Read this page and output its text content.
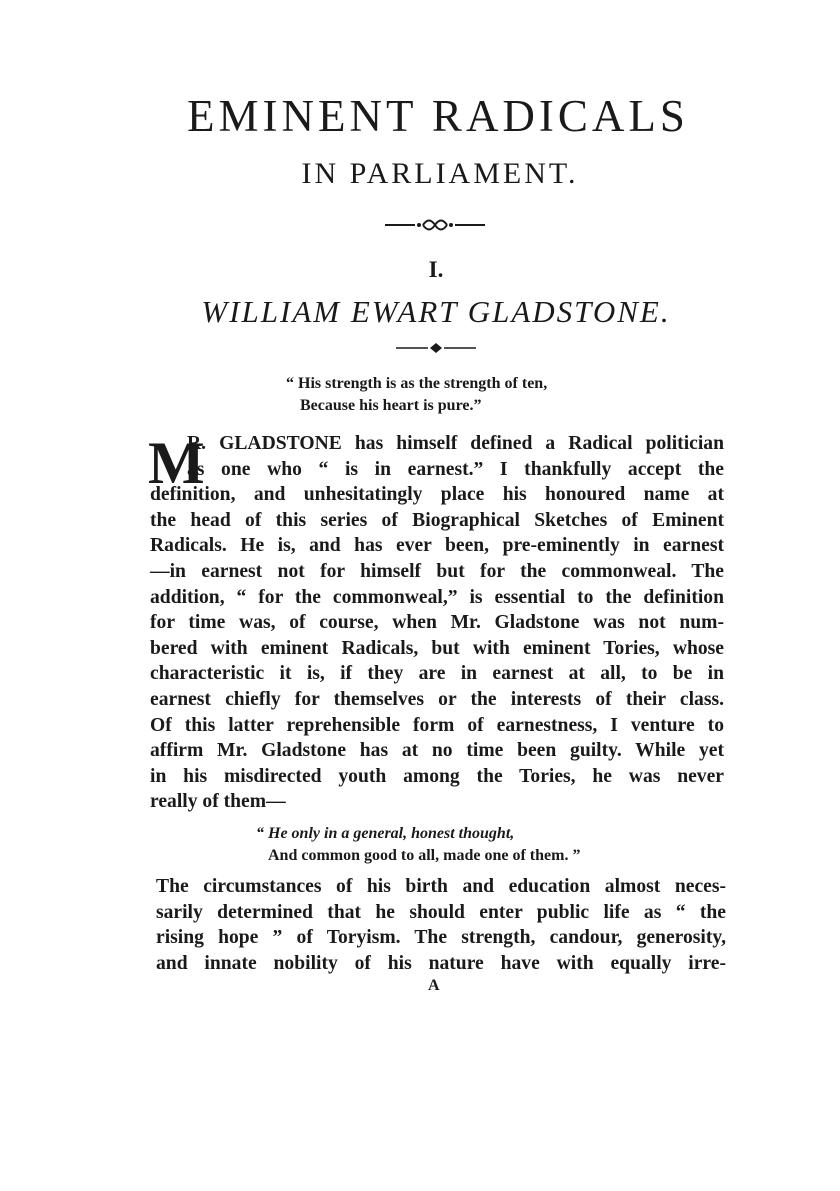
EMINENT RADICALS
IN PARLIAMENT.
I.
WILLIAM EWART GLADSTONE.
“ His strength is as the strength of ten,
Because his heart is pure.”
M
R. GLADSTONE has himself defined a Radical politician
as one who “ is in earnest.” I thankfully accept the
definition, and unhesitatingly place his honoured name at
the head of this series of Biographical Sketches of Eminent
Radicals. He is, and has ever been, pre-eminently in earnest
—in earnest not for himself but for the commonweal. The
addition, “ for the commonweal,” is essential to the definition
for time was, of course, when Mr. Gladstone was not num-
bered with eminent Radicals, but with eminent Tories, whose
characteristic it is, if they are in earnest at all, to be in
earnest chiefly for themselves or the interests of their class.
Of this latter reprehensible form of earnestness, I venture to
affirm Mr. Gladstone has at no time been guilty. While yet
in his misdirected youth among the Tories, he was never
really of them—
“ He only in a general, honest thought,
And common good to all, made one of them. ”
The circumstances of his birth and education almost neces-
sarily determined that he should enter public life as “ the
rising hope ” of Toryism. The strength, candour, generosity,
and innate nobility of his nature have with equally irre-
A
